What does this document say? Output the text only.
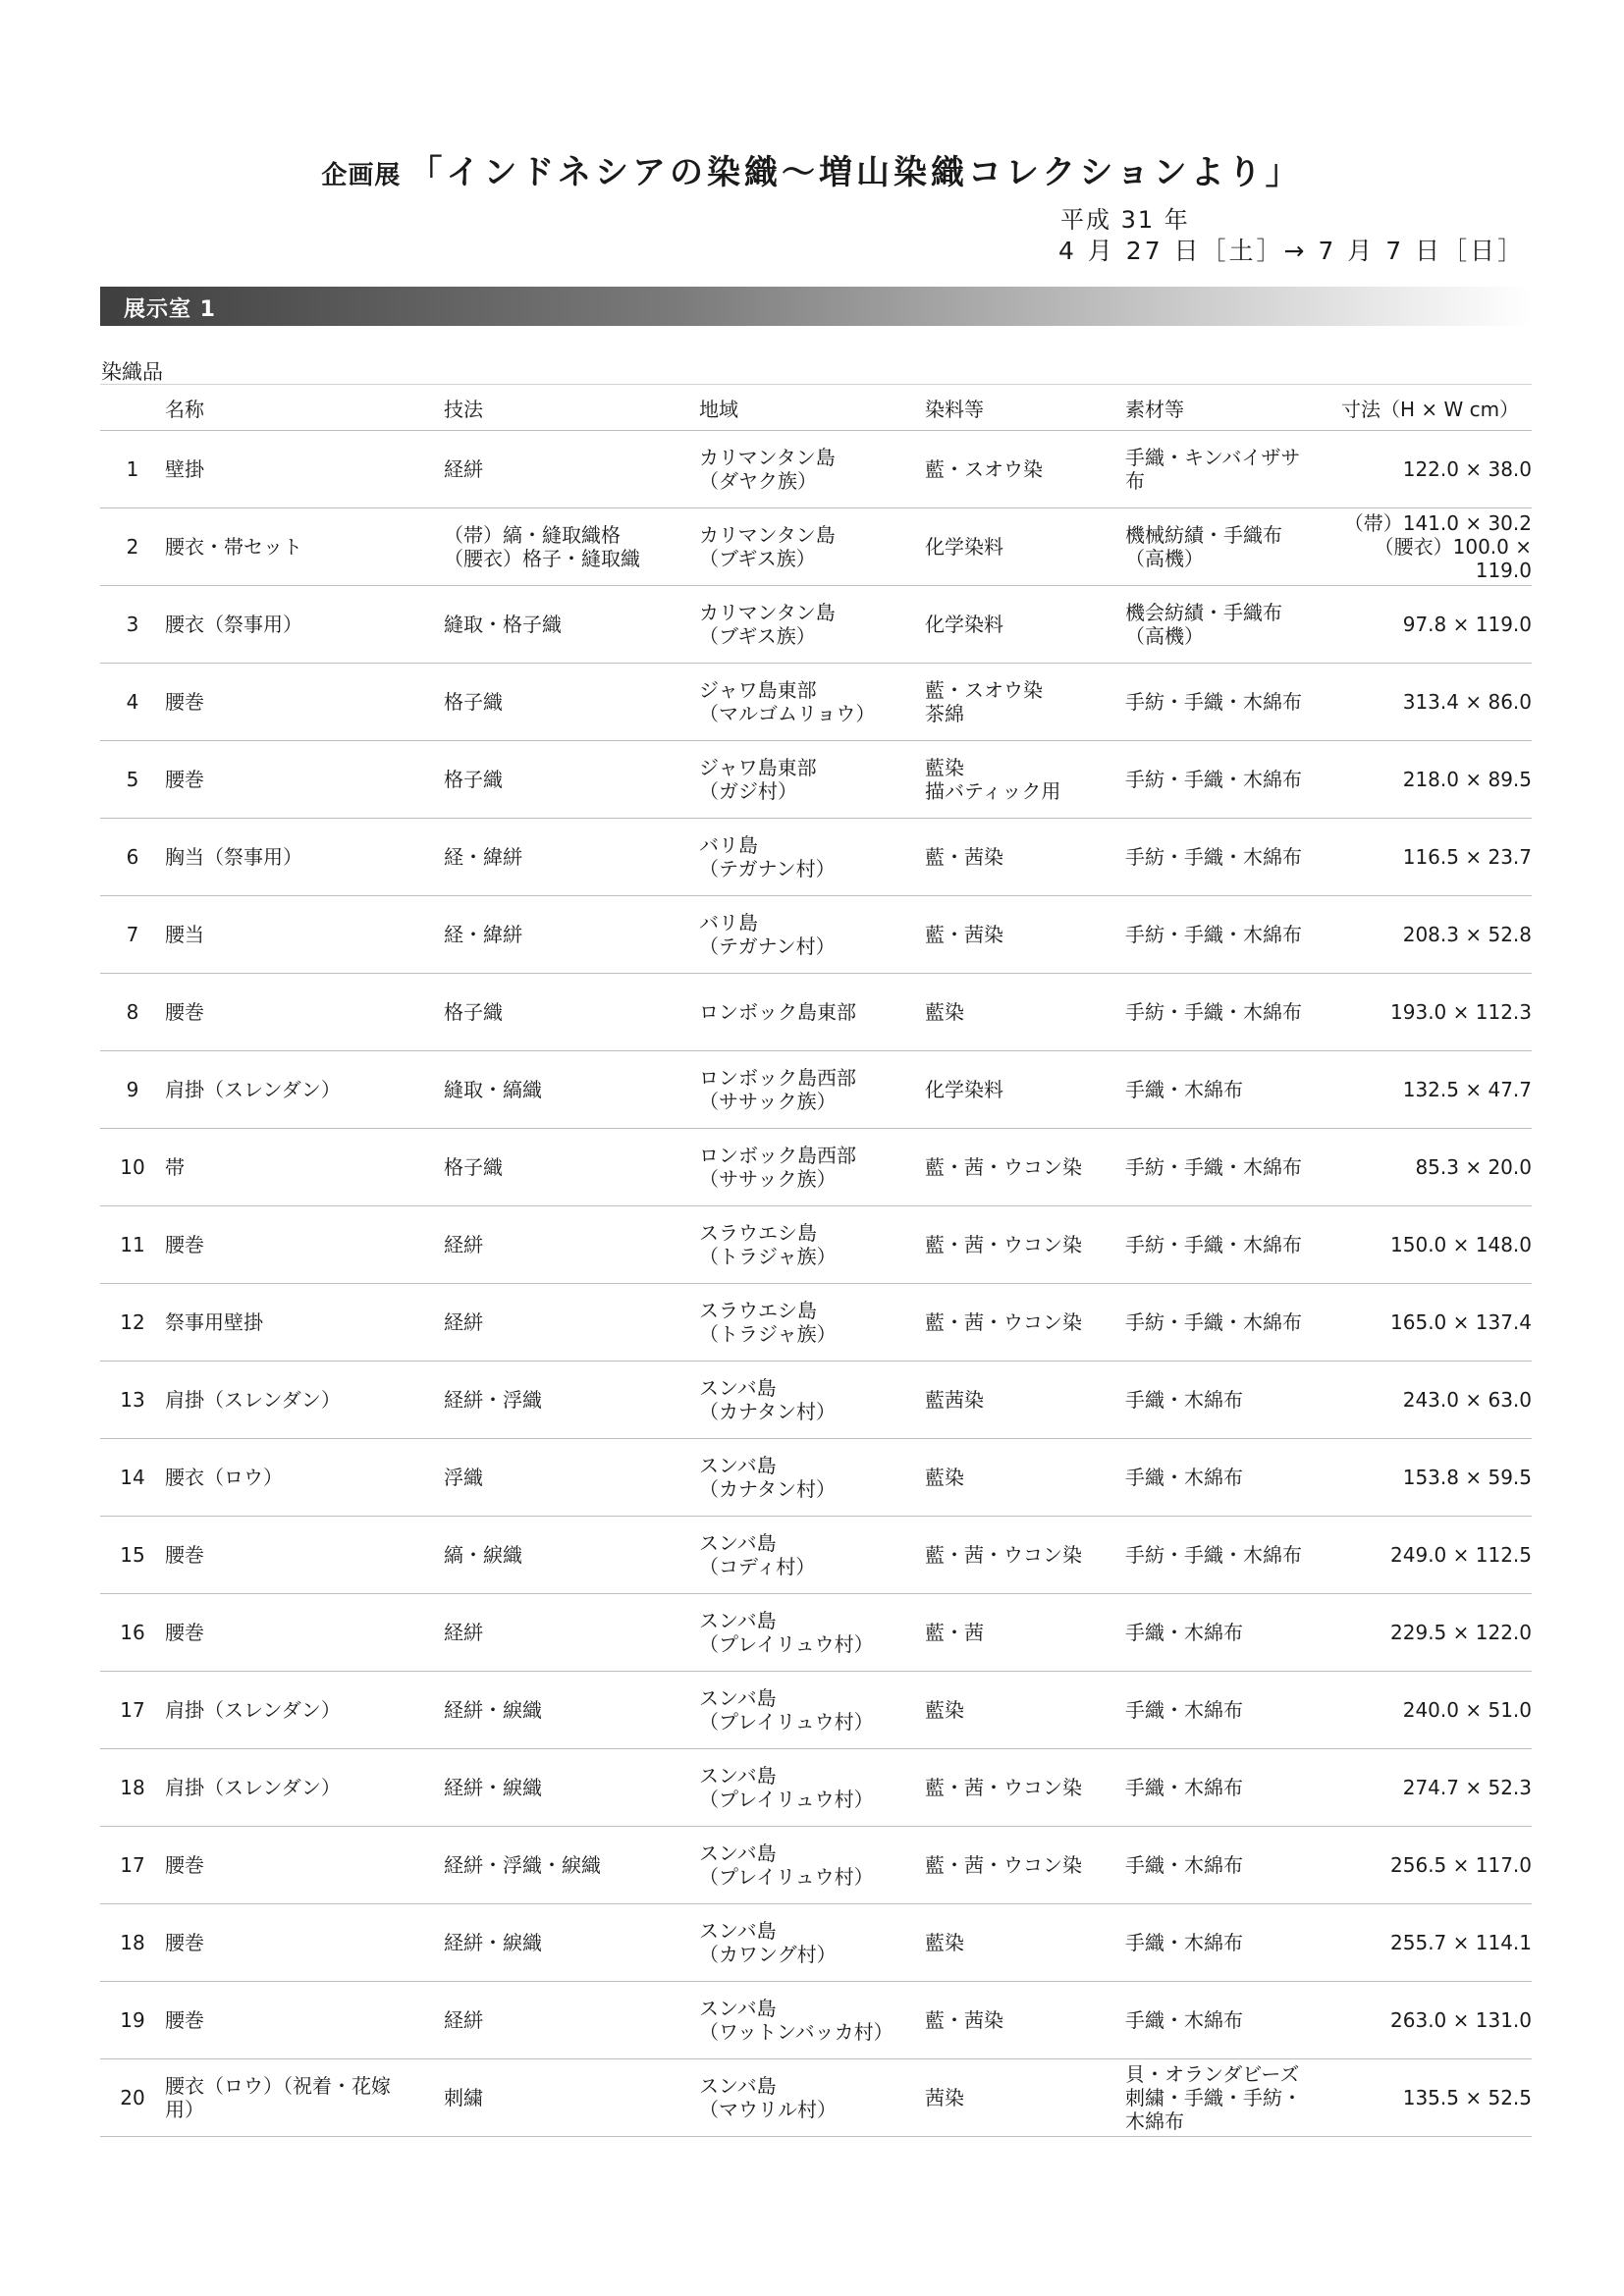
企画展 「インドネシアの染織〜増山染織コレクションより」
平成 31 年
4 月 27 日［土］→ 7 月 7 日［日］
展示室 1
染織品
	名称	技法	地域	染料等	素材等	寸法（H × W cm）

1	壁掛	経絣	カリマンタン島
（ダヤク族）	藍・スオウ染	手織・キンバイザサ
布	122.0 × 38.0

2	腰衣・帯セット	（帯）縞・縫取織格
（腰衣）格子・縫取織	カリマンタン島
（ブギス族）	化学染料	機械紡績・手織布
（高機）	（帯）141.0 × 30.2
（腰衣）100.0 × 119.0

3	腰衣（祭事用）	縫取・格子織	カリマンタン島
（ブギス族）	化学染料	機会紡績・手織布
（高機）	97.8 × 119.0

4	腰巻	格子織	ジャワ島東部
（マルゴムリョウ）	藍・スオウ染
茶綿	手紡・手織・木綿布	313.4 × 86.0

5	腰巻	格子織	ジャワ島東部
（ガジ村）	藍染
描バティック用	手紡・手織・木綿布	218.0 × 89.5

6	胸当（祭事用）	経・緯絣	バリ島
（テガナン村）	藍・茜染	手紡・手織・木綿布	116.5 × 23.7

7	腰当	経・緯絣	バリ島
（テガナン村）	藍・茜染	手紡・手織・木綿布	208.3 × 52.8

8	腰巻	格子織	ロンボック島東部	藍染	手紡・手織・木綿布	193.0 × 112.3

9	肩掛（スレンダン）	縫取・縞織	ロンボック島西部
（ササック族）	化学染料	手織・木綿布	132.5 × 47.7

10	帯	格子織	ロンボック島西部
（ササック族）	藍・茜・ウコン染	手紡・手織・木綿布	85.3 × 20.0

11	腰巻	経絣	スラウエシ島
（トラジャ族）	藍・茜・ウコン染	手紡・手織・木綿布	150.0 × 148.0

12	祭事用壁掛	経絣	スラウエシ島
（トラジャ族）	藍・茜・ウコン染	手紡・手織・木綿布	165.0 × 137.4

13	肩掛（スレンダン）	経絣・浮織	スンバ島
（カナタン村）	藍茜染	手織・木綿布	243.0 × 63.0

14	腰衣（ロウ）	浮織	スンバ島
（カナタン村）	藍染	手織・木綿布	153.8 × 59.5

15	腰巻	縞・綟織	スンバ島
（コディ村）	藍・茜・ウコン染	手紡・手織・木綿布	249.0 × 112.5

16	腰巻	経絣	スンバ島
（プレイリュウ村）	藍・茜	手織・木綿布	229.5 × 122.0

17	肩掛（スレンダン）	経絣・綟織	スンバ島
（プレイリュウ村）	藍染	手織・木綿布	240.0 × 51.0

18	肩掛（スレンダン）	経絣・綟織	スンバ島
（プレイリュウ村）	藍・茜・ウコン染	手織・木綿布	274.7 × 52.3

17	腰巻	経絣・浮織・綟織	スンバ島
（プレイリュウ村）	藍・茜・ウコン染	手織・木綿布	256.5 × 117.0

18	腰巻	経絣・綟織	スンバ島
（カワング村）	藍染	手織・木綿布	255.7 × 114.1

19	腰巻	経絣	スンバ島
（ワットンバッカ村）	藍・茜染	手織・木綿布	263.0 × 131.0

20	腰衣（ロウ）（祝着・花嫁
用）	刺繍	スンバ島
（マウリル村）	茜染	貝・オランダビーズ
刺繍・手織・手紡・
木綿布	135.5 × 52.5
